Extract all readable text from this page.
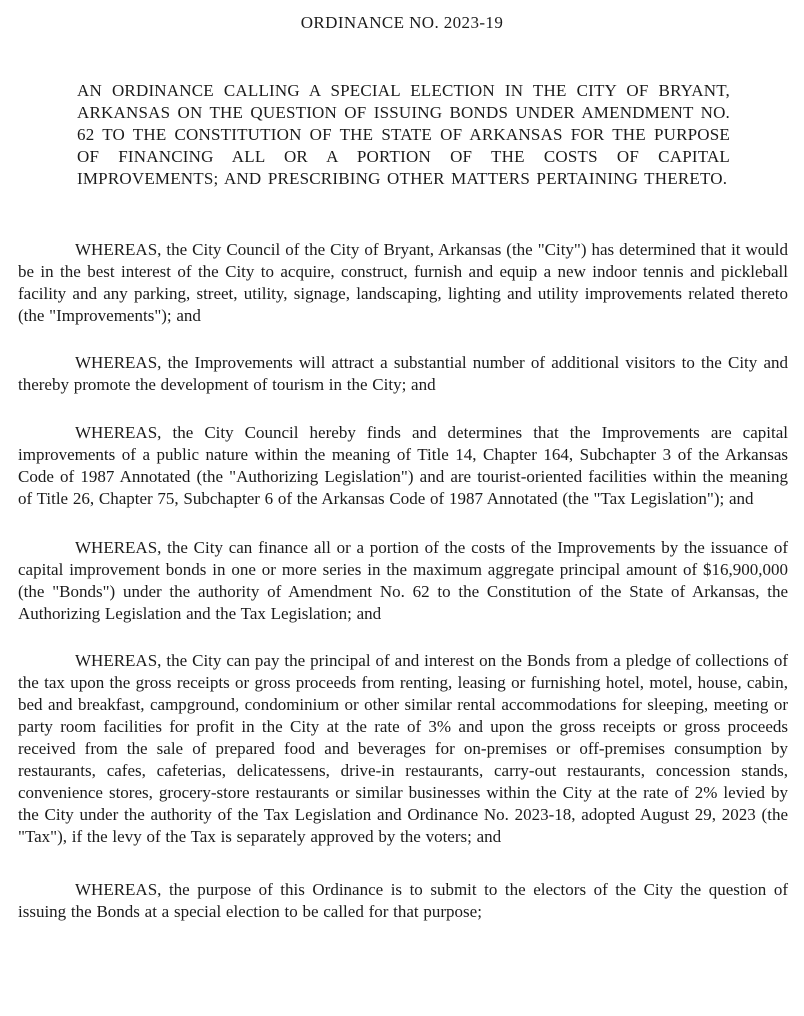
ORDINANCE NO. 2023-19

AN ORDINANCE CALLING A SPECIAL ELECTION IN THE CITY OF BRYANT, ARKANSAS ON THE QUESTION OF ISSUING BONDS UNDER AMENDMENT NO. 62 TO THE CONSTITUTION OF THE STATE OF ARKANSAS FOR THE PURPOSE OF FINANCING ALL OR A PORTION OF THE COSTS OF CAPITAL IMPROVEMENTS; AND PRESCRIBING OTHER MATTERS PERTAINING THERETO.

WHEREAS, the City Council of the City of Bryant, Arkansas (the "City") has determined that it would be in the best interest of the City to acquire, construct, furnish and equip a new indoor tennis and pickleball facility and any parking, street, utility, signage, landscaping, lighting and utility improvements related thereto (the "Improvements"); and

WHEREAS, the Improvements will attract a substantial number of additional visitors to the City and thereby promote the development of tourism in the City; and

WHEREAS, the City Council hereby finds and determines that the Improvements are capital improvements of a public nature within the meaning of Title 14, Chapter 164, Subchapter 3 of the Arkansas Code of 1987 Annotated (the "Authorizing Legislation") and are tourist-oriented facilities within the meaning of Title 26, Chapter 75, Subchapter 6 of the Arkansas Code of 1987 Annotated (the "Tax Legislation"); and

WHEREAS, the City can finance all or a portion of the costs of the Improvements by the issuance of capital improvement bonds in one or more series in the maximum aggregate principal amount of $16,900,000 (the "Bonds") under the authority of Amendment No. 62 to the Constitution of the State of Arkansas, the Authorizing Legislation and the Tax Legislation; and

WHEREAS, the City can pay the principal of and interest on the Bonds from a pledge of collections of the tax upon the gross receipts or gross proceeds from renting, leasing or furnishing hotel, motel, house, cabin, bed and breakfast, campground, condominium or other similar rental accommodations for sleeping, meeting or party room facilities for profit in the City at the rate of 3% and upon the gross receipts or gross proceeds received from the sale of prepared food and beverages for on-premises or off-premises consumption by restaurants, cafes, cafeterias, delicatessens, drive-in restaurants, carry-out restaurants, concession stands, convenience stores, grocery-store restaurants or similar businesses within the City at the rate of 2% levied by the City under the authority of the Tax Legislation and Ordinance No. 2023-18, adopted August 29, 2023 (the "Tax"), if the levy of the Tax is separately approved by the voters; and

WHEREAS, the purpose of this Ordinance is to submit to the electors of the City the question of issuing the Bonds at a special election to be called for that purpose;
